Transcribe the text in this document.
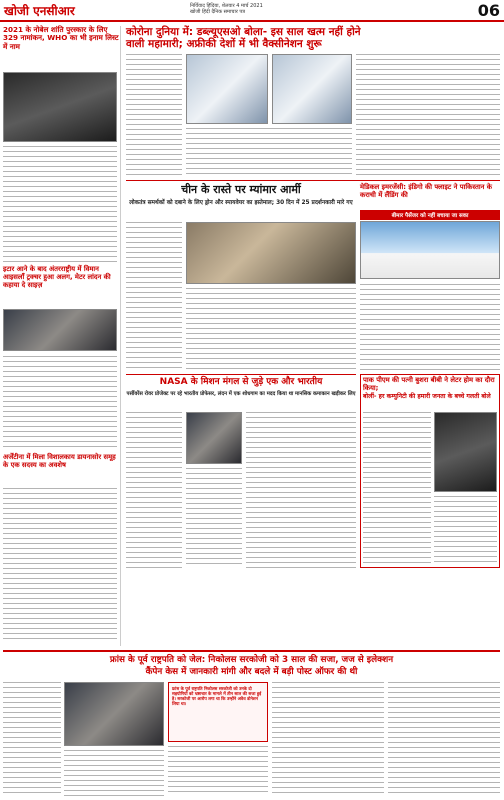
खोजी एनसीआर	निर्विवाद हिंदिया, शेलवार 4 मार्च 2021
खोजी हिंदी दैनिक समाचार पत्र	06
2021 के नोबेल शांति पुरस्कार के लिए 329 नामांकन, WHO का भी इनाम लिस्ट में नाम
इटार आने के बाद अंतरराष्ट्रीय में विमान आइसलाँ ट्रक्चर हुआ अलग, मेटर लांदन की कहाया दे साइज़
अर्जेंटीना में मिला विशालकाय डायनासोर समूह के एक सदस्य का अवशेष
कोरोना दुनिया में: डब्ल्यूएसओ बोला- इस साल खत्म नहीं होने
वाली महामारी; अफ्रीकी देशों में भी वैक्सीनेशन शुरू
चीन के रास्ते पर म्यांमार आर्मी
लोकतंत्र समर्थकों को दबाने के लिए ड्रोन और स्पायवेयर का इस्तेमाल; 30 दिन में 25 प्रदर्शनकारी मारे गए
मेडिकल इमरजेंसी: इंडिगो की फ्लाइट ने पाकिस्तान के कराची में लैंडिंग की
बीमार पैसेंजर को नहीं बचाया जा सका
NASA के मिशन मंगल से जुड़े एक और भारतीय
पर्सीवरेंस रोवर प्रोजेक्ट पर रहे भारतीय प्रोफेसर, लंदन में एक शोधगाम का मदद किया था मानसिक कमाकान खड़ीकर लिए
पाक पीएम की पत्नी बुशरा बीबी ने लेटर होम का दौरा किया;
बोलीं- हर कम्युनिटी की हमारी जनता के बच्चे गलती बोले
फ्रांस के पूर्व राष्ट्रपति को जेल: निकोलस सरकोजी को 3 साल की सजा, जज से इलेक्शन
कैंपेन केस में जानकारी मांगी और बदले में बड़ी पोस्ट ऑफर की थी
फ्रांस के पूर्व राष्ट्रपति निकोलस सरकोजी को उनके दो सहयोगियों को भ्रष्टाचार के मामले में तीन साल की सजा हुई है। सरकोजी पर आरोप लगा था कि उन्होंने अवैध डोनेशन लिया था।
